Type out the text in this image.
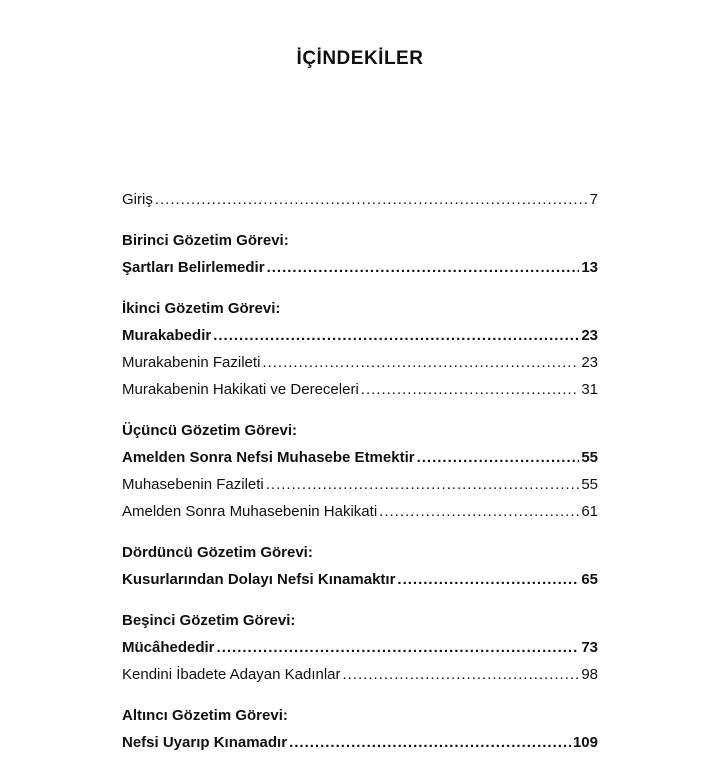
İÇİNDEKİLER
Giriş .....	7
Birinci Gözetim Görevi:
Şartları Belirlemedir .....	13
İkinci Gözetim Görevi:
Murakabedir .....	23
Murakabenin Fazileti .....	23
Murakabenin Hakikati ve Dereceleri .....	31
Üçüncü Gözetim Görevi:
Amelden Sonra Nefsi Muhasebe Etmektir .....	55
Muhasebenin Fazileti .....	55
Amelden Sonra Muhasebenin Hakikati .....	61
Dördüncü Gözetim Görevi:
Kusurlarından Dolayı Nefsi Kınamaktır .....	65
Beşinci Gözetim Görevi:
Mücâhededir .....	73
Kendini İbadete Adayan Kadınlar .....	98
Altıncı Gözetim Görevi:
Nefsi Uyarıp Kınamadır .....	109
